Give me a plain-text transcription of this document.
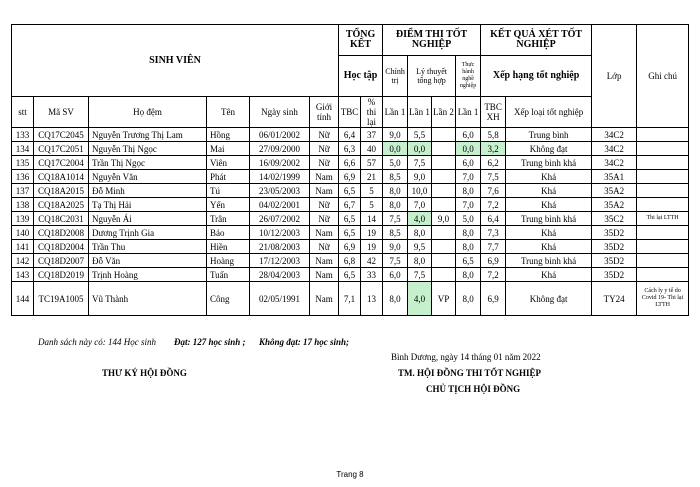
SINH VIÊN						TỔNG KẾT		ĐIỂM THI TỐT NGHIỆP				KẾT QUẢ XÉT TỐT NGHIỆP		Lớp	Ghi chú
						Học tập		Chính trị	Lý thuyết tổng hợp		Thực hành nghề nghiệp	Xếp hạng tốt nghiệp			
stt	Mã SV	Họ đệm	Tên	Ngày sinh	Giới tính	TBC	% thi lại	Lần 1	Lần 1	Lần 2	Lần 1	TBC XH	Xếp loại tốt nghiệp		
133	CQ17C2045	Nguyễn Trương Thị Lam	Hồng	06/01/2002	Nữ	6,4	37	9,0	5,5		6,0	5,8	Trung bình	34C2	
134	CQ17C2051	Nguyễn Thị Ngọc	Mai	27/09/2000	Nữ	6,3	40	0,0	0,0		0,0	3,2	Không đạt	34C2	
135	CQ17C2004	Trần Thị Ngọc	Viên	16/09/2002	Nữ	6,6	57	5,0	7,5		6,0	6,2	Trung bình khá	34C2	
136	CQ18A1014	Nguyễn Văn	Phát	14/02/1999	Nam	6,9	21	8,5	9,0		7,0	7,5	Khá	35A1	
137	CQ18A2015	Đỗ Minh	Tú	23/05/2003	Nam	6,5	5	8,0	10,0		8,0	7,6	Khá	35A2	
138	CQ18A2025	Tạ Thị Hải	Yến	04/02/2001	Nữ	6,7	5	8,0	7,0		7,0	7,2	Khá	35A2	
139	CQ18C2031	Nguyễn Ái	Trân	26/07/2002	Nữ	6,5	14	7,5	4,0	9,0	5,0	6,4	Trung bình khá	35C2	Thi lại LTTH
140	CQ18D2008	Dương Trịnh Gia	Bảo	10/12/2003	Nam	6,5	19	8,5	8,0		8,0	7,3	Khá	35D2	
141	CQ18D2004	Trần Thu	Hiền	21/08/2003	Nữ	6,9	19	9,0	9,5		8,0	7,7	Khá	35D2	
142	CQ18D2007	Đỗ Văn	Hoàng	17/12/2003	Nam	6,8	42	7,5	8,0		6,5	6,9	Trung bình khá	35D2	
143	CQ18D2019	Trịnh Hoàng	Tuấn	28/04/2003	Nam	6,5	33	6,0	7,5		8,0	7,2	Khá	35D2	
144	TC19A1005	Vũ Thành	Công	02/05/1991	Nam	7,1	13	8,0	4,0	VP	8,0	6,9	Không đạt	TY24	Cách ly y tế do Covid 19- Thi lại LTTH
Danh sách này có: 144 Học sinh Đạt: 127 học sinh ; Không đạt: 17 học sinh;
Bình Dương, ngày 14 tháng 01 năm 2022
THƯ KÝ HỘI ĐỒNG	TM. HỘI ĐỒNG THI TỐT NGHIỆP
CHỦ TỊCH HỘI ĐỒNG
Trang 8
